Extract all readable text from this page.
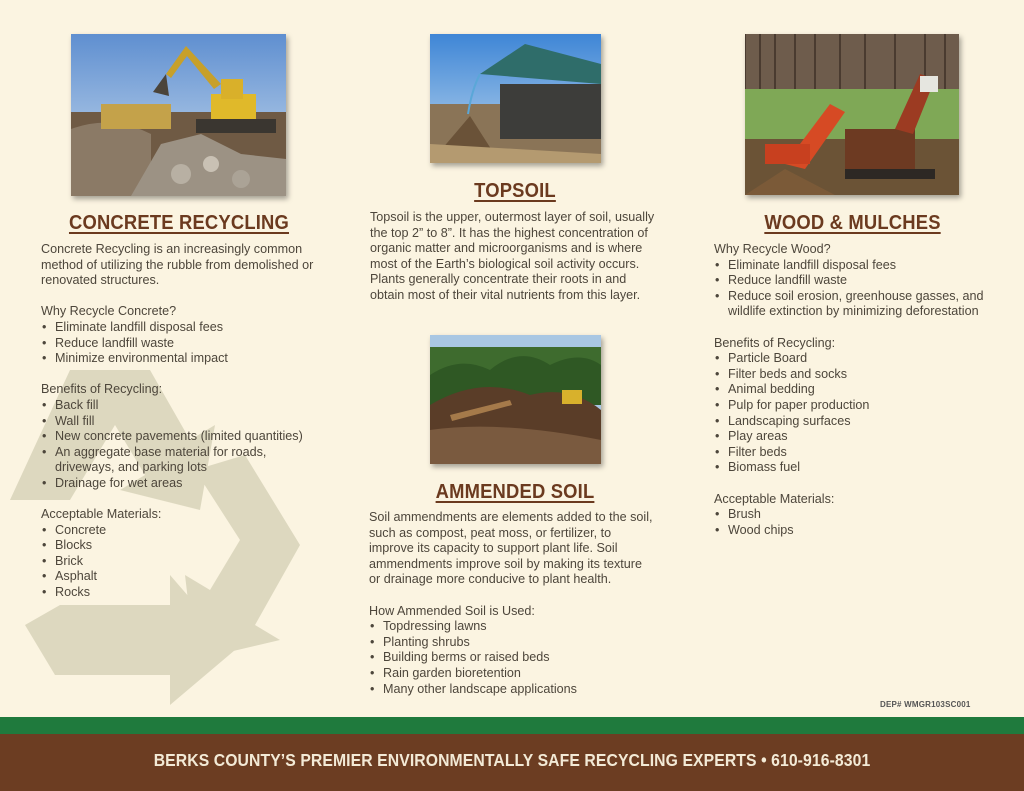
CONCRETE RECYCLING

Concrete Recycling is an increasingly common method of utilizing the rubble from demolished or renovated structures.

Why Recycle Concrete?

• Eliminate landfill disposal fees
• Reduce landfill waste
• Minimize environmental impact

Benefits of Recycling:

• Back fill
• Wall fill
• New concrete pavements (limited quantities)
• An aggregate base material for roads, driveways, and parking lots
• Drainage for wet areas

Acceptable Materials:

• Concrete
• Blocks
• Brick
• Asphalt
• Rocks
TOPSOIL

Topsoil is the upper, outermost layer of soil, usually the top 2” to 8”. It has the highest concentration of organic matter and microorganisms and is where most of the Earth’s biological soil activity occurs. Plants generally concentrate their roots in and obtain most of their vital nutrients from this layer.

AMMENDED SOIL

Soil ammendments are elements added to the soil, such as compost, peat moss, or fertilizer, to improve its capacity to support plant life. Soil ammendments improve soil by making its texture or drainage more conducive to plant health.

How Ammended Soil is Used:

• Topdressing lawns
• Planting shrubs
• Building berms or raised beds
• Rain garden bioretention
• Many other landscape applications
WOOD & MULCHES

Why Recycle Wood?

• Eliminate landfill disposal fees
• Reduce landfill waste
• Reduce soil erosion, greenhouse gasses, and wildlife extinction by minimizing deforestation

Benefits of Recycling:

• Particle Board
• Filter beds and socks
• Animal bedding
• Pulp for paper production
• Landscaping surfaces
• Play areas
• Filter beds
• Biomass fuel

Acceptable Materials:

• Brush
• Wood chips
DEP# WMGR103SC001
BERKS COUNTY’S PREMIER ENVIRONMENTALLY SAFE RECYCLING EXPERTS • 610-916-8301
